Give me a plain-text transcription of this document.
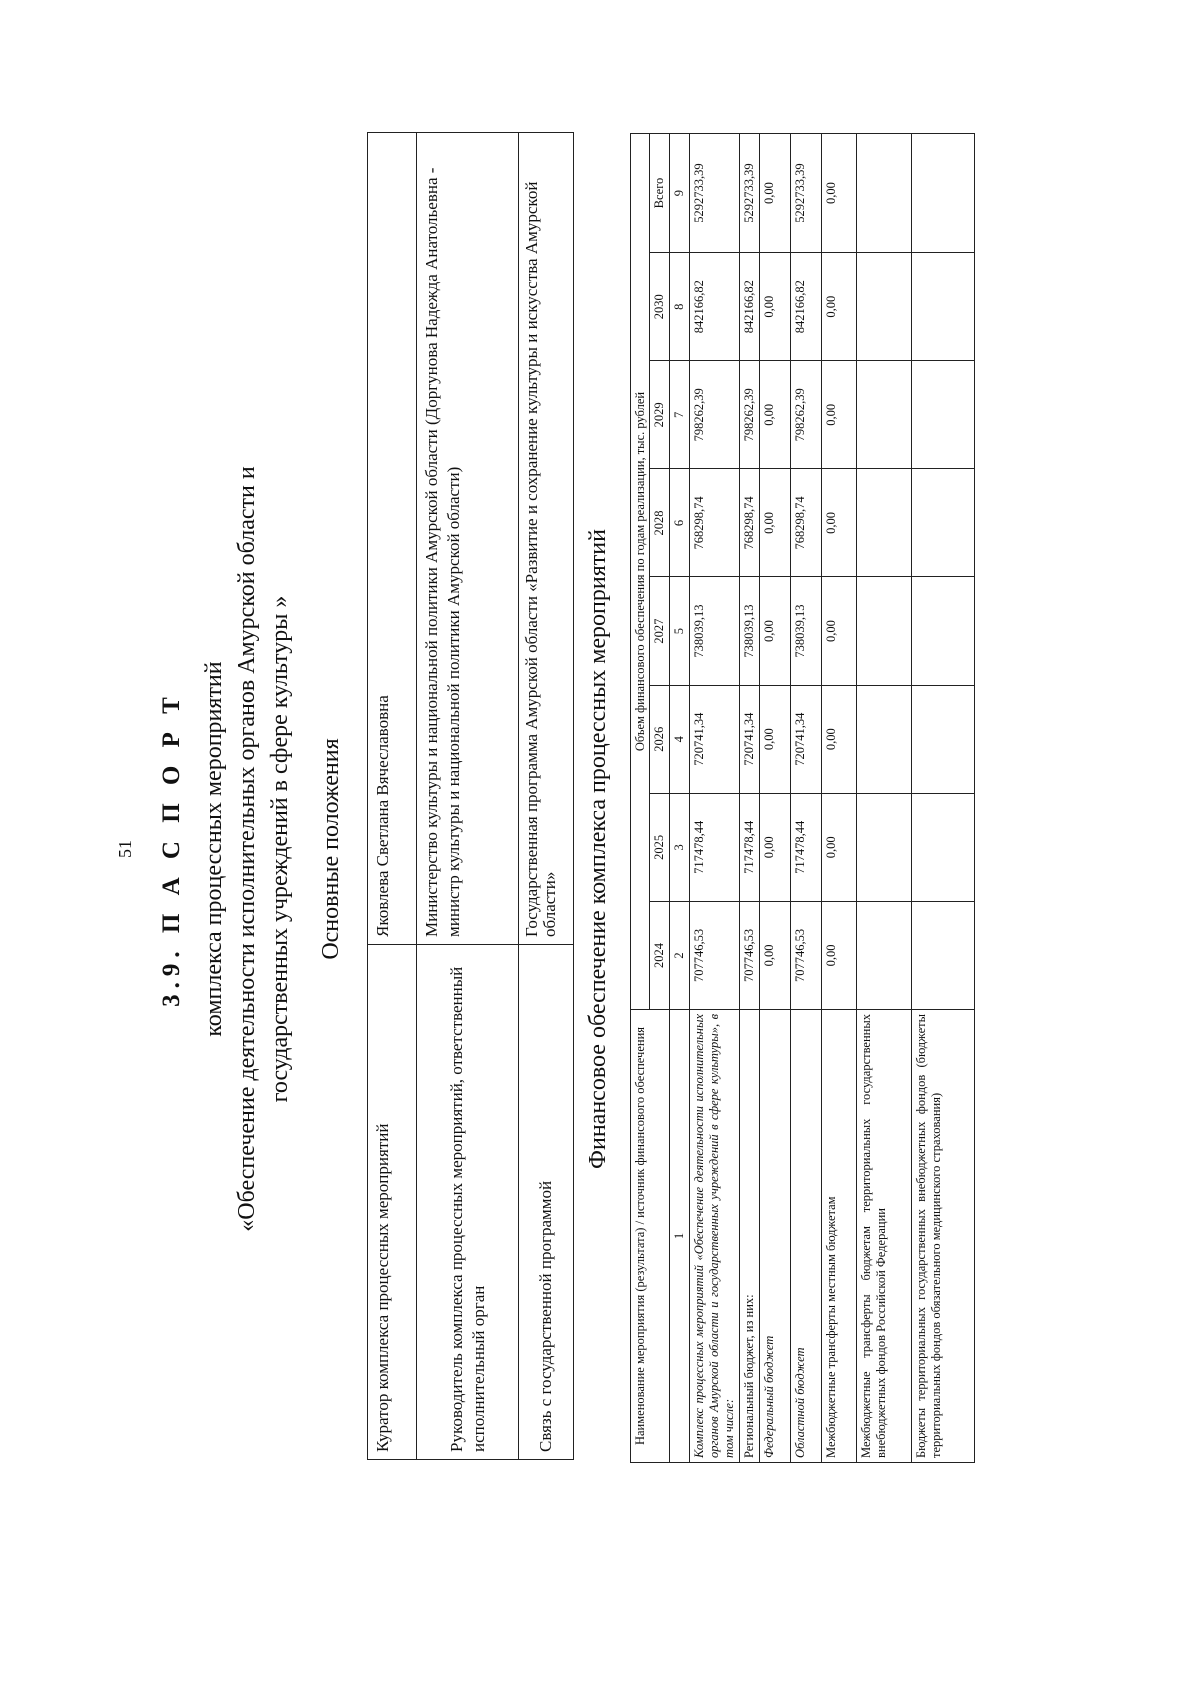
51 3.9. П А С П О Р Т комплекса процессных мероприятий «Обеспечение деятельности исполнительных органов Амурской области и государственных учреждений в сфере культуры » Основные положения
Куратор комплекса процессных мероприятий	Яковлева Светлана Вячеславовна
Руководитель комплекса процессных мероприятий, ответственный исполнительный орган	Министерство культуры и национальной политики Амурской области (Доргунова Надежда Анатольевна - министр культуры и национальной политики Амурской области)
Связь с государственной программой	Государственная программа Амурской области «Развитие и сохранение культуры и искусства Амурской области» Финансовое обеспечение комплекса процессных мероприятий
Наименование мероприятия (результата) / источник финансового обеспечения	Объем финансового обеспечения по годам реализации, тыс. рублей							
	2024	2025	2026	2027	2028	2029	2030	Всего
1	2	3	4	5	6	7	8	9
Комплекс процессных мероприятий «Обеспечение деятельности исполнительных органов Амурской области и государственных учреждений в сфере культуры», в том числе:	707746,53	717478,44	720741,34	738039,13	768298,74	798262,39	842166,82	5292733,39
Региональный бюджет, из них:	707746,53	717478,44	720741,34	738039,13	768298,74	798262,39	842166,82	5292733,39
Федеральный бюджет	0,00	0,00	0,00	0,00	0,00	0,00	0,00	0,00
Областной бюджет	707746,53	717478,44	720741,34	738039,13	768298,74	798262,39	842166,82	5292733,39
Межбюджетные трансферты местным бюджетам	0,00	0,00	0,00	0,00	0,00	0,00	0,00	0,00
Межбюджетные трансферты бюджетам территориальных государственных внебюджетных фондов Российской Федерации								
Бюджеты территориальных государственных внебюджетных фондов (бюджеты территориальных фондов обязательного медицинского страхования)								
